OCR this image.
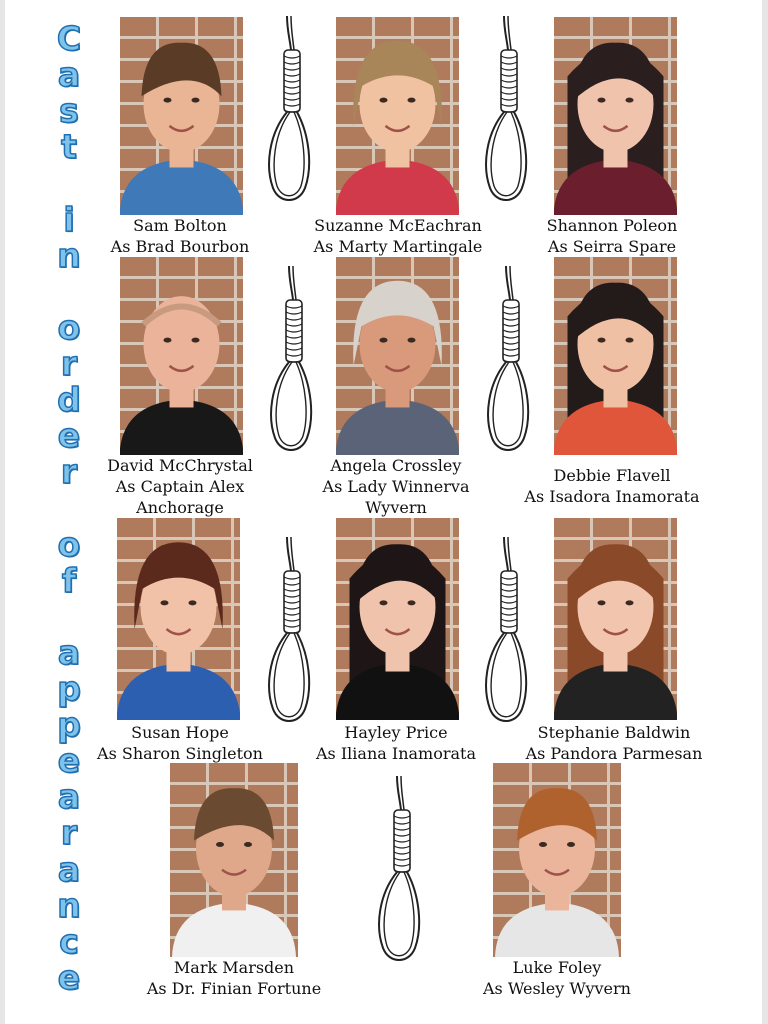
C
a
s
t
i
n
o
r
d
e
r
o
f
a
p
p
e
a
r
a
n
c
e
Sam Bolton
As Brad Bourbon
Suzanne McEachran
As Marty Martingale
Shannon Poleon
As Seirra Spare
David McChrystal
As Captain Alex
Anchorage
Angela Crossley
As Lady Winnerva
Wyvern
Debbie Flavell
As Isadora Inamorata
Susan Hope
As Sharon Singleton
Hayley Price
As Iliana Inamorata
Stephanie Baldwin
As Pandora Parmesan
Mark Marsden
As Dr. Finian Fortune
Luke Foley
As Wesley Wyvern
